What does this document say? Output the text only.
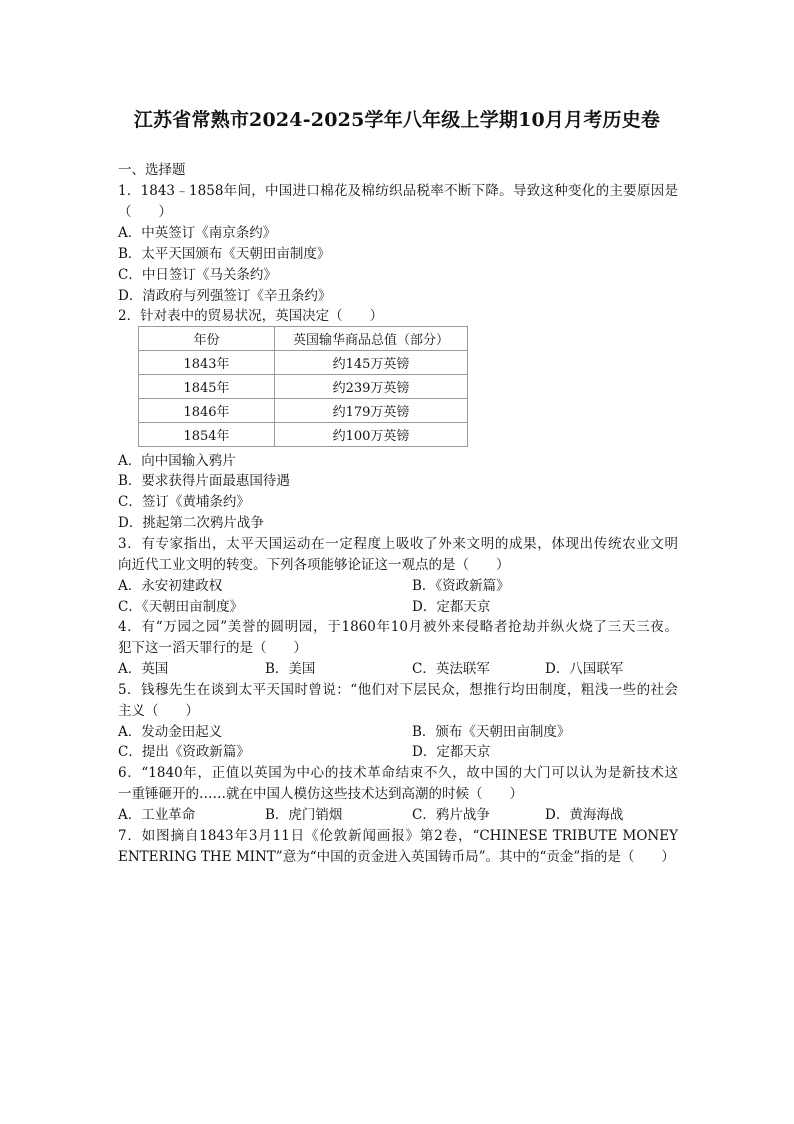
江苏省常熟市2024-2025学年八年级上学期10月月考历史卷
一、选择题
1．1843﹣1858年间，中国进口棉花及棉纺织品税率不断下降。导致这种变化的主要原因是
（　　）
A．中英签订《南京条约》
B．太平天国颁布《天朝田亩制度》
C．中日签订《马关条约》
D．清政府与列强签订《辛丑条约》
2．针对表中的贸易状况，英国决定（　　）
年份	英国输华商品总值（部分）
1843年	约145万英镑
1845年	约239万英镑
1846年	约179万英镑
1854年	约100万英镑
A．向中国输入鸦片
B．要求获得片面最惠国待遇
C．签订《黄埔条约》
D．挑起第二次鸦片战争
3．有专家指出，太平天国运动在一定程度上吸收了外来文明的成果，体现出传统农业文明
向近代工业文明的转变。下列各项能够论证这一观点的是（　　）
A．永安初建政权	B．《资政新篇》
C．《天朝田亩制度》	D．定都天京
4．有“万园之园”美誉的圆明园，于1860年10月被外来侵略者抢劫并纵火烧了三天三夜。
犯下这一滔天罪行的是（　　）
A．英国	B．美国	C．英法联军	D．八国联军
5．钱穆先生在谈到太平天国时曾说：“他们对下层民众，想推行均田制度，粗浅一些的社会
主义（　　）
A．发动金田起义	B．颁布《天朝田亩制度》
C．提出《资政新篇》	D．定都天京
6．“1840年，正值以英国为中心的技术革命结束不久，故中国的大门可以认为是新技术这
一重锤砸开的……就在中国人模仿这些技术达到高潮的时候（　　）
A．工业革命	B．虎门销烟	C．鸦片战争	D．黄海海战
7．如图摘自1843年3月11日《伦敦新闻画报》第2卷，“CHINESE TRIBUTE MONEY
ENTERING THE MINT”意为“中国的贡金进入英国铸币局”。其中的“贡金”指的是（　　）
